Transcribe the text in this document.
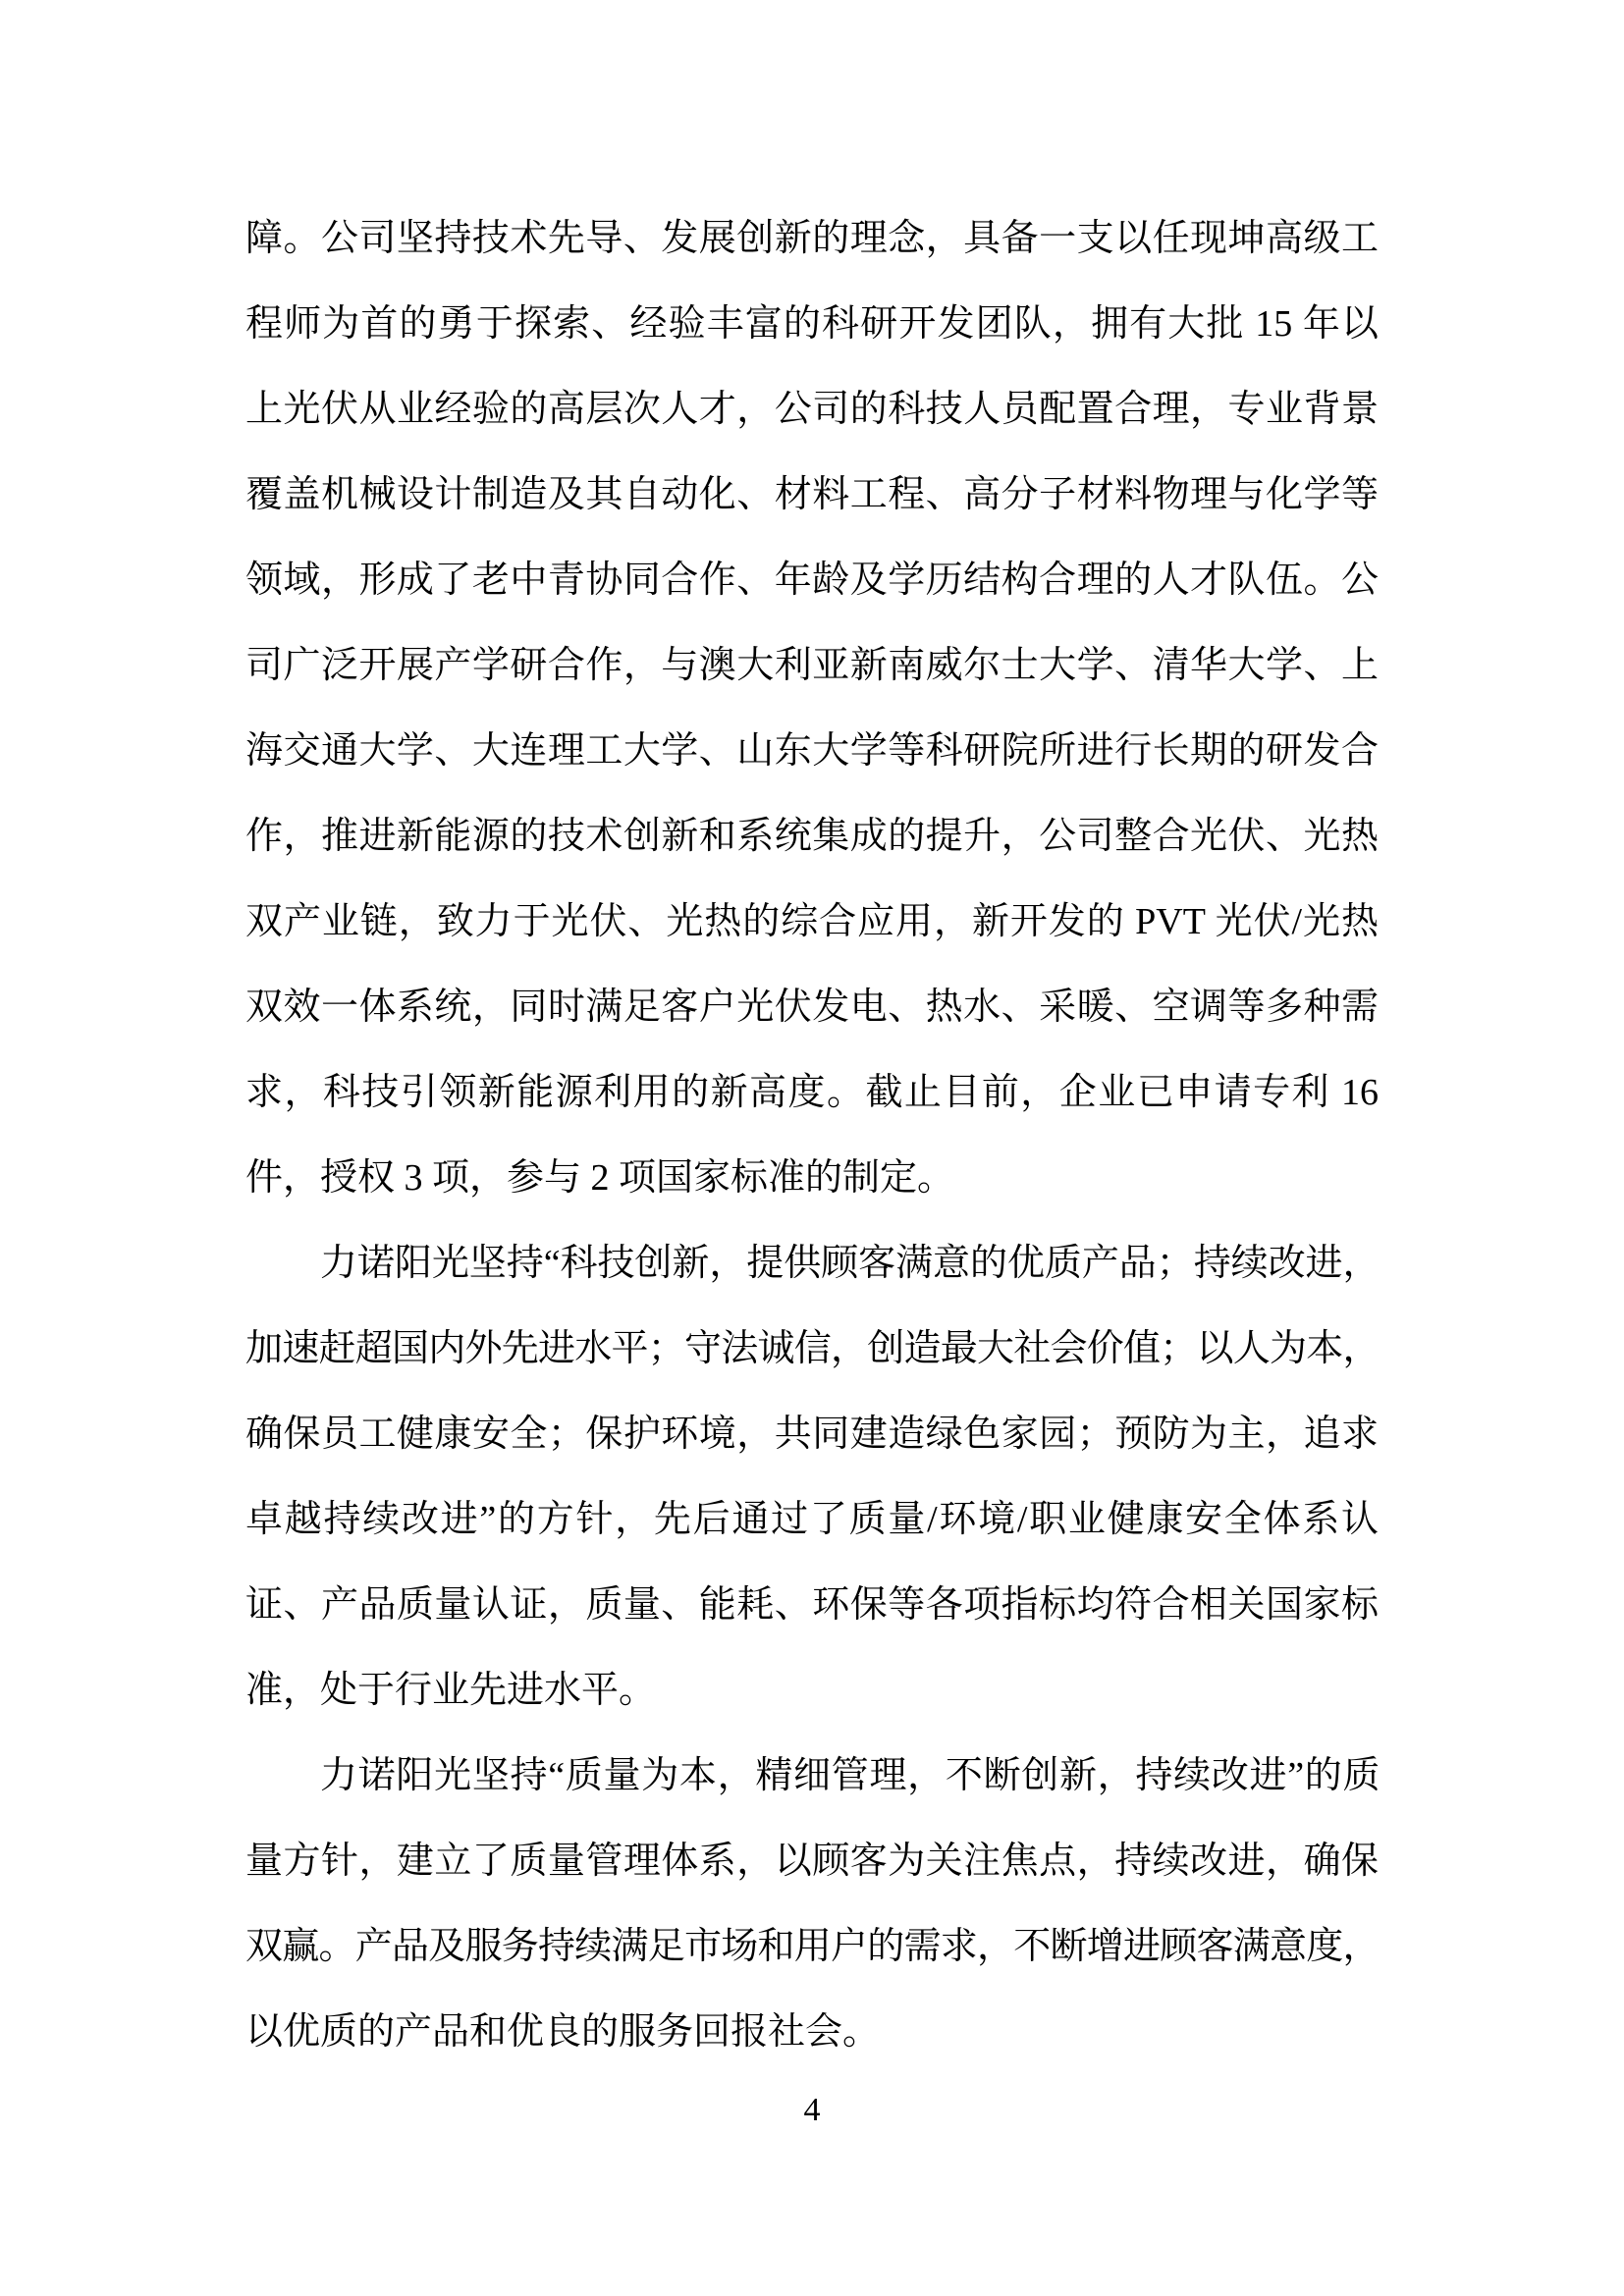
障。公司坚持技术先导、发展创新的理念，具备一支以任现坤高级工
程师为首的勇于探索、经验丰富的科研开发团队，拥有大批 15 年以
上光伏从业经验的高层次人才，公司的科技人员配置合理，专业背景
覆盖机械设计制造及其自动化、材料工程、高分子材料物理与化学等
领域，形成了老中青协同合作、年龄及学历结构合理的人才队伍。公
司广泛开展产学研合作，与澳大利亚新南威尔士大学、清华大学、上
海交通大学、大连理工大学、山东大学等科研院所进行长期的研发合
作，推进新能源的技术创新和系统集成的提升，公司整合光伏、光热
双产业链，致力于光伏、光热的综合应用，新开发的 PVT 光伏/光热
双效一体系统，同时满足客户光伏发电、热水、采暖、空调等多种需
求，科技引领新能源利用的新高度。截止目前，企业已申请专利 16
件，授权 3 项，参与 2 项国家标准的制定。
力诺阳光坚持“科技创新，提供顾客满意的优质产品；持续改进，
加速赶超国内外先进水平；守法诚信，创造最大社会价值；以人为本，
确保员工健康安全；保护环境，共同建造绿色家园；预防为主，追求
卓越持续改进”的方针，先后通过了质量/环境/职业健康安全体系认
证、产品质量认证，质量、能耗、环保等各项指标均符合相关国家标
准，处于行业先进水平。
力诺阳光坚持“质量为本，精细管理，不断创新，持续改进”的质
量方针，建立了质量管理体系，以顾客为关注焦点，持续改进，确保
双赢。产品及服务持续满足市场和用户的需求，不断增进顾客满意度，
以优质的产品和优良的服务回报社会。
4
